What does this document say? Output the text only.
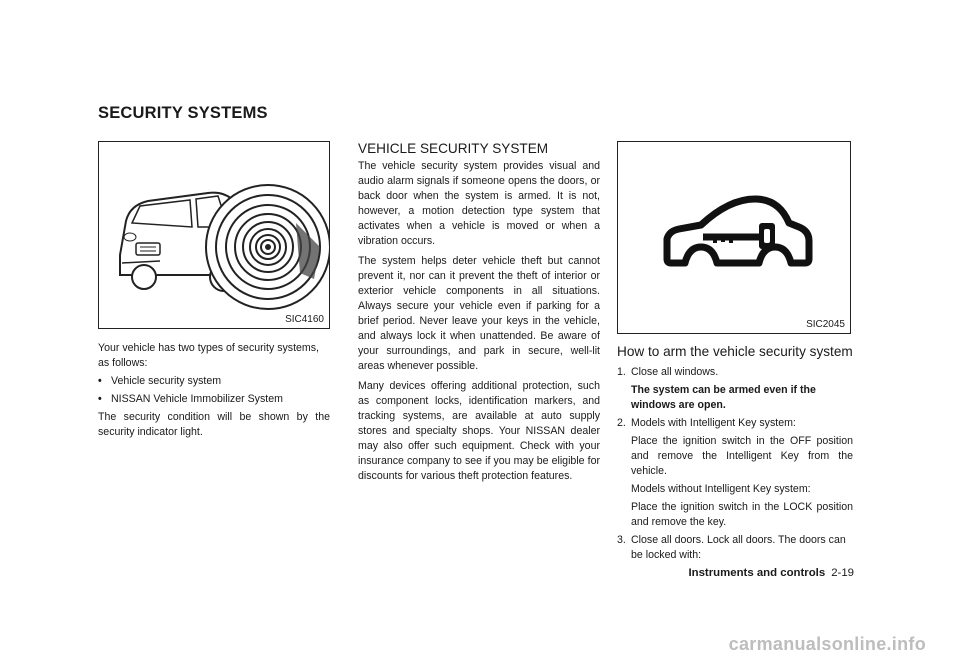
SECURITY SYSTEMS
SIC4160

Your vehicle has two types of security systems, as follows:

• Vehicle security system
• NISSAN Vehicle Immobilizer System

The security condition will be shown by the security indicator light.

VEHICLE SECURITY SYSTEM

The vehicle security system provides visual and audio alarm signals if someone opens the doors, or back door when the system is armed. It is not, however, a motion detection type system that activates when a vehicle is moved or when a vibration occurs.

The system helps deter vehicle theft but cannot prevent it, nor can it prevent the theft of interior or exterior vehicle components in all situations. Always secure your vehicle even if parking for a brief period. Never leave your keys in the vehicle, and always lock it when unattended. Be aware of your surroundings, and park in secure, well-lit areas whenever possible.

Many devices offering additional protection, such as component locks, identification markers, and tracking systems, are available at auto supply stores and specialty shops. Your NISSAN dealer may also offer such equipment. Check with your insurance company to see if you may be eligible for discounts for various theft protection features.

SIC2045
How to arm the vehicle security system
1. Close all windows.

The system can be armed even if the windows are open.

2. Models with Intelligent Key system:

Place the ignition switch in the OFF position and remove the Intelligent Key from the vehicle.

Models without Intelligent Key system:

Place the ignition switch in the LOCK position and remove the key.

3. Close all doors. Lock all doors. The doors can be locked with:
Instruments and controls 2-19
carmanualsonline.info
